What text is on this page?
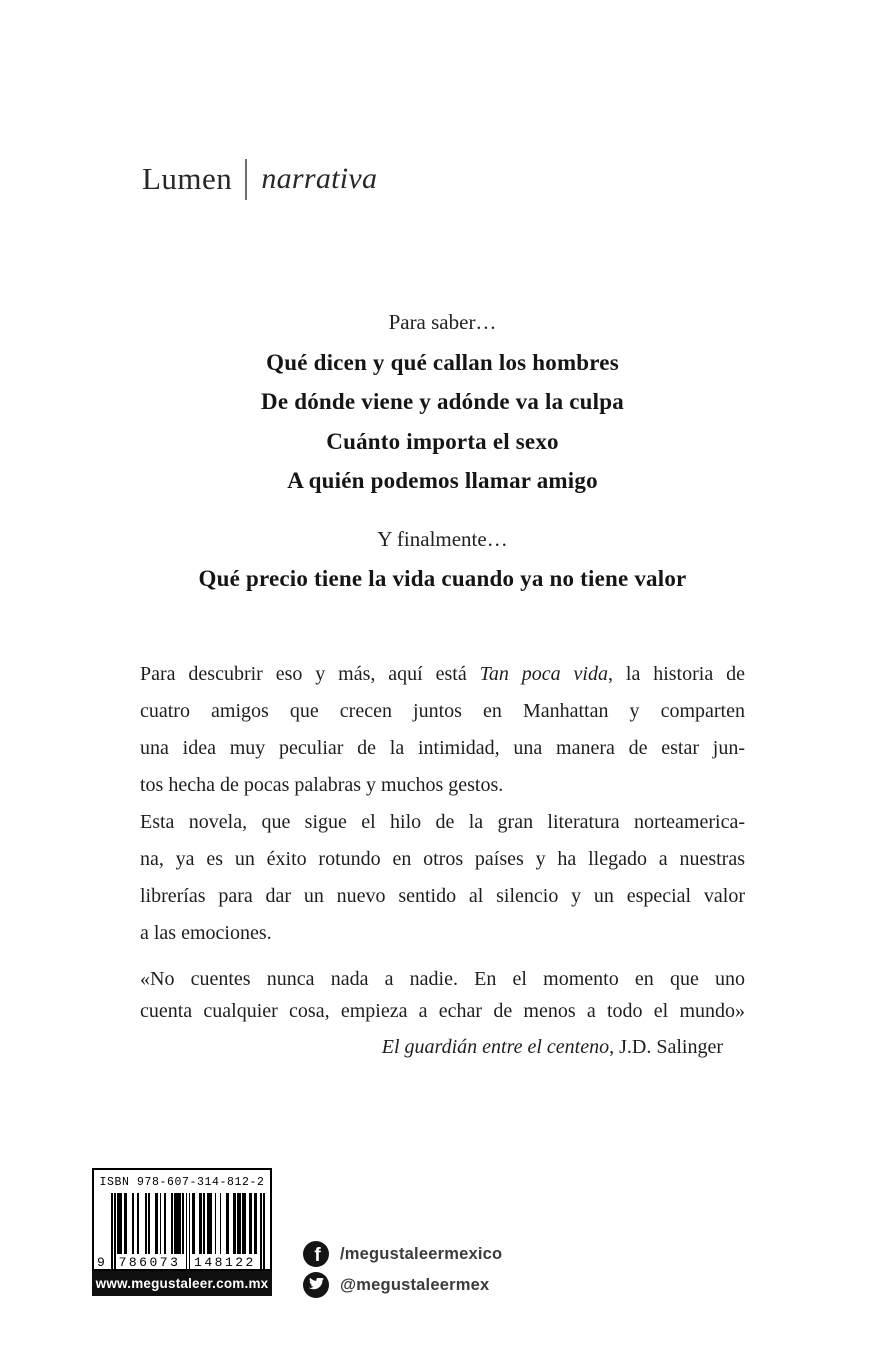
Lumen narrativa
Para saber…
Qué dicen y qué callan los hombres
De dónde viene y adónde va la culpa
Cuánto importa el sexo
A quién podemos llamar amigo
Y finalmente…
Qué precio tiene la vida cuando ya no tiene valor
Para descubrir eso y más, aquí está Tan poca vida, la historia de
cuatro amigos que crecen juntos en Manhattan y comparten
una idea muy peculiar de la intimidad, una manera de estar jun-
tos hecha de pocas palabras y muchos gestos.
Esta novela, que sigue el hilo de la gran literatura norteamerica-
na, ya es un éxito rotundo en otros países y ha llegado a nuestras
librerías para dar un nuevo sentido al silencio y un especial valor
a las emociones.
«No cuentes nunca nada a nadie. En el momento en que uno
cuenta cualquier cosa, empieza a echar de menos a todo el mundo»
El guardián entre el centeno, J.D. Salinger
ISBN 978-607-314-812-2
9	786073 148122
www.megustaleer.com.mx
f	/megustaleermexico
@megustaleermex
